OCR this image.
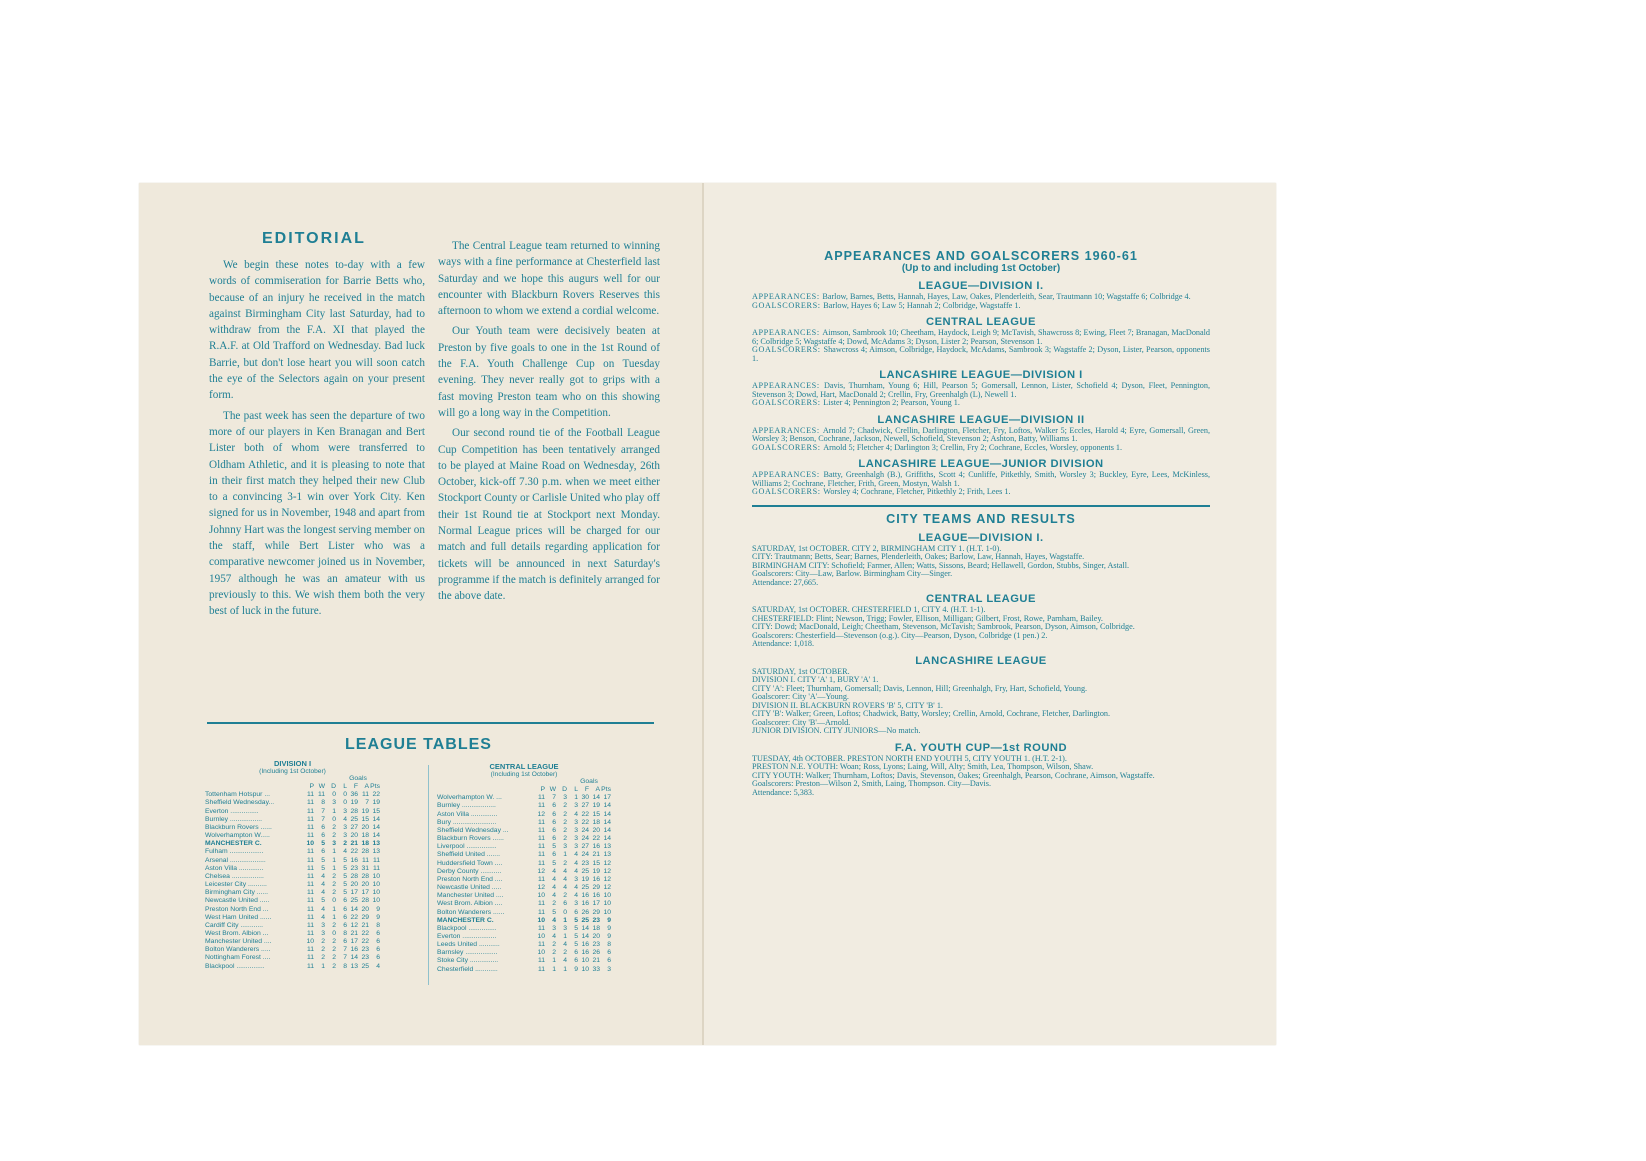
EDITORIAL

We begin these notes to-day with a few words of commiseration for Barrie Betts who, because of an injury he received in the match against Birmingham City last Saturday, had to withdraw from the F.A. XI that played the R.A.F. at Old Trafford on Wednesday. Bad luck Barrie, but don't lose heart you will soon catch the eye of the Selectors again on your present form.

The past week has seen the departure of two more of our players in Ken Branagan and Bert Lister both of whom were transferred to Oldham Athletic, and it is pleasing to note that in their first match they helped their new Club to a convincing 3-1 win over York City. Ken signed for us in November, 1948 and apart from Johnny Hart was the longest serving member on the staff, while Bert Lister who was a comparative newcomer joined us in November, 1957 although he was an amateur with us previously to this. We wish them both the very best of luck in the future.

The Central League team returned to winning ways with a fine performance at Chesterfield last Saturday and we hope this augurs well for our encounter with Blackburn Rovers Reserves this afternoon to whom we extend a cordial welcome.

Our Youth team were decisively beaten at Preston by five goals to one in the 1st Round of the F.A. Youth Challenge Cup on Tuesday evening. They never really got to grips with a fast moving Preston team who on this showing will go a long way in the Competition.

Our second round tie of the Football League Cup Competition has been tentatively arranged to be played at Maine Road on Wednesday, 26th October, kick-off 7.30 p.m. when we meet either Stockport County or Carlisle United who play off their 1st Round tie at Stockport next Monday. Normal League prices will be charged for our match and full details regarding application for tickets will be announced in next Saturday's programme if the match is definitely arranged for the above date.

LEAGUE TABLES
DIVISION I
(Including 1st October)
					Goals		
	P	W	D	L	F	A	Pts
Tottenham Hotspur ...	11	11	0	0	36	11	22
Sheffield Wednesday...	11	8	3	0	19	7	19
Everton ...............	11	7	1	3	28	19	15
Burnley .................	11	7	0	4	25	15	14
Blackburn Rovers ......	11	6	2	3	27	20	14
Wolverhampton W.....	11	6	2	3	20	18	14
MANCHESTER C.	10	5	3	2	21	18	13
Fulham ..................	11	6	1	4	22	28	13
Arsenal ...................	11	5	1	5	16	11	11
Aston Villa .............	11	5	1	5	23	31	11
Chelsea .................	11	4	2	5	28	28	10
Leicester City ..........	11	4	2	5	20	20	10
Birmingham City ......	11	4	2	5	17	17	10
Newcastle United .....	11	5	0	6	25	28	10
Preston North End ...	11	4	1	6	14	20	9
West Ham United ......	11	4	1	6	22	29	9
Cardiff City ............	11	3	2	6	12	21	8
West Brom. Albion ...	11	3	0	8	21	22	6
Manchester United ....	10	2	2	6	17	22	6
Bolton Wanderers .....	11	2	2	7	16	23	6
Nottingham Forest ....	11	2	2	7	14	23	6
Blackpool ...............	11	1	2	8	13	25	4
CENTRAL LEAGUE
(Including 1st October)
					Goals		
	P	W	D	L	F	A	Pts
Wolverhampton W. ...	11	7	3	1	30	14	17
Burnley ..................	11	6	2	3	27	19	14
Aston Villa ..............	12	6	2	4	22	15	14
Bury .......................	11	6	2	3	22	18	14
Sheffield Wednesday ...	11	6	2	3	24	20	14
Blackburn Rovers ......	11	6	2	3	24	22	14
Liverpool ................	11	5	3	3	27	16	13
Sheffield United .......	11	6	1	4	24	21	13
Huddersfield Town ....	11	5	2	4	23	15	12
Derby County ...........	12	4	4	4	25	19	12
Preston North End ....	11	4	4	3	19	16	12
Newcastle United .....	12	4	4	4	25	29	12
Manchester United ....	10	4	2	4	16	16	10
West Brom. Albion ....	11	2	6	3	16	17	10
Bolton Wanderers ......	11	5	0	6	26	29	10
MANCHESTER C.	10	4	1	5	25	23	9
Blackpool ...............	11	3	3	5	14	18	9
Everton ..................	10	4	1	5	14	20	9
Leeds United ...........	11	2	4	5	16	23	8
Barnsley .................	10	2	2	6	16	26	6
Stoke City ...............	11	1	4	6	10	21	6
Chesterfield ............	11	1	1	9	10	33	3
APPEARANCES AND GOALSCORERS 1960-61
(Up to and including 1st October)
LEAGUE—DIVISION I.

APPEARANCES: Barlow, Barnes, Betts, Hannah, Hayes, Law, Oakes, Plenderleith, Sear, Trautmann 10; Wagstaffe 6; Colbridge 4.

GOALSCORERS: Barlow, Hayes 6; Law 5; Hannah 2; Colbridge, Wagstaffe 1.

CENTRAL LEAGUE

APPEARANCES: Aimson, Sambrook 10; Cheetham, Haydock, Leigh 9; McTavish, Shawcross 8; Ewing, Fleet 7; Branagan, MacDonald 6; Colbridge 5; Wagstaffe 4; Dowd, McAdams 3; Dyson, Lister 2; Pearson, Stevenson 1.

GOALSCORERS: Shawcross 4; Aimson, Colbridge, Haydock, McAdams, Sambrook 3; Wagstaffe 2; Dyson, Lister, Pearson, opponents 1.

LANCASHIRE LEAGUE—DIVISION I

APPEARANCES: Davis, Thurnham, Young 6; Hill, Pearson 5; Gomersall, Lennon, Lister, Schofield 4; Dyson, Fleet, Pennington, Stevenson 3; Dowd, Hart, MacDonald 2; Crellin, Fry, Greenhalgh (L), Newell 1.

GOALSCORERS: Lister 4; Pennington 2; Pearson, Young 1.

LANCASHIRE LEAGUE—DIVISION II

APPEARANCES: Arnold 7; Chadwick, Crellin, Darlington, Fletcher, Fry, Loftos, Walker 5; Eccles, Harold 4; Eyre, Gomersall, Green, Worsley 3; Benson, Cochrane, Jackson, Newell, Schofield, Stevenson 2; Ashton, Batty, Williams 1.

GOALSCORERS: Arnold 5; Fletcher 4; Darlington 3; Crellin, Fry 2; Cochrane, Eccles, Worsley, opponents 1.

LANCASHIRE LEAGUE—JUNIOR DIVISION

APPEARANCES: Batty, Greenhalgh (B.), Griffiths, Scott 4; Cunliffe, Pitkethly, Smith, Worsley 3; Buckley, Eyre, Lees, McKinless, Williams 2; Cochrane, Fletcher, Frith, Green, Mostyn, Walsh 1.

GOALSCORERS: Worsley 4; Cochrane, Fletcher, Pitkethly 2; Frith, Lees 1.

CITY TEAMS AND RESULTS
LEAGUE—DIVISION I.

SATURDAY, 1st OCTOBER. CITY 2, BIRMINGHAM CITY 1. (H.T. 1-0).

CITY: Trautmann; Betts, Sear; Barnes, Plenderleith, Oakes; Barlow, Law, Hannah, Hayes, Wagstaffe.

BIRMINGHAM CITY: Schofield; Farmer, Allen; Watts, Sissons, Beard; Hellawell, Gordon, Stubbs, Singer, Astall.

Goalscorers: City—Law, Barlow. Birmingham City—Singer.

Attendance: 27,665.

CENTRAL LEAGUE

SATURDAY, 1st OCTOBER. CHESTERFIELD 1, CITY 4. (H.T. 1-1).

CHESTERFIELD: Flint; Newson, Trigg; Fowler, Ellison, Milligan; Gilbert, Frost, Rowe, Parnham, Bailey.

CITY: Dowd; MacDonald, Leigh; Cheetham, Stevenson, McTavish; Sambrook, Pearson, Dyson, Aimson, Colbridge.

Goalscorers: Chesterfield—Stevenson (o.g.). City—Pearson, Dyson, Colbridge (1 pen.) 2.

Attendance: 1,018.

LANCASHIRE LEAGUE

SATURDAY, 1st OCTOBER.

DIVISION I. CITY 'A' 1, BURY 'A' 1.

CITY 'A': Fleet; Thurnham, Gomersall; Davis, Lennon, Hill; Greenhalgh, Fry, Hart, Schofield, Young.

Goalscorer: City 'A'—Young.

DIVISION II. BLACKBURN ROVERS 'B' 5, CITY 'B' 1.

CITY 'B': Walker; Green, Loftos; Chadwick, Batty, Worsley; Crellin, Arnold, Cochrane, Fletcher, Darlington.

Goalscorer: City 'B'—Arnold.

JUNIOR DIVISION. CITY JUNIORS—No match.

F.A. YOUTH CUP—1st ROUND

TUESDAY, 4th OCTOBER. PRESTON NORTH END YOUTH 5, CITY YOUTH 1. (H.T. 2-1).

PRESTON N.E. YOUTH: Woan; Ross, Lyons; Laing, Will, Alty; Smith, Lea, Thompson, Wilson, Shaw.

CITY YOUTH: Walker; Thurnham, Loftos; Davis, Stevenson, Oakes; Greenhalgh, Pearson, Cochrane, Aimson, Wagstaffe.

Goalscorers: Preston—Wilson 2, Smith, Laing, Thompson. City—Davis.

Attendance: 5,383.
